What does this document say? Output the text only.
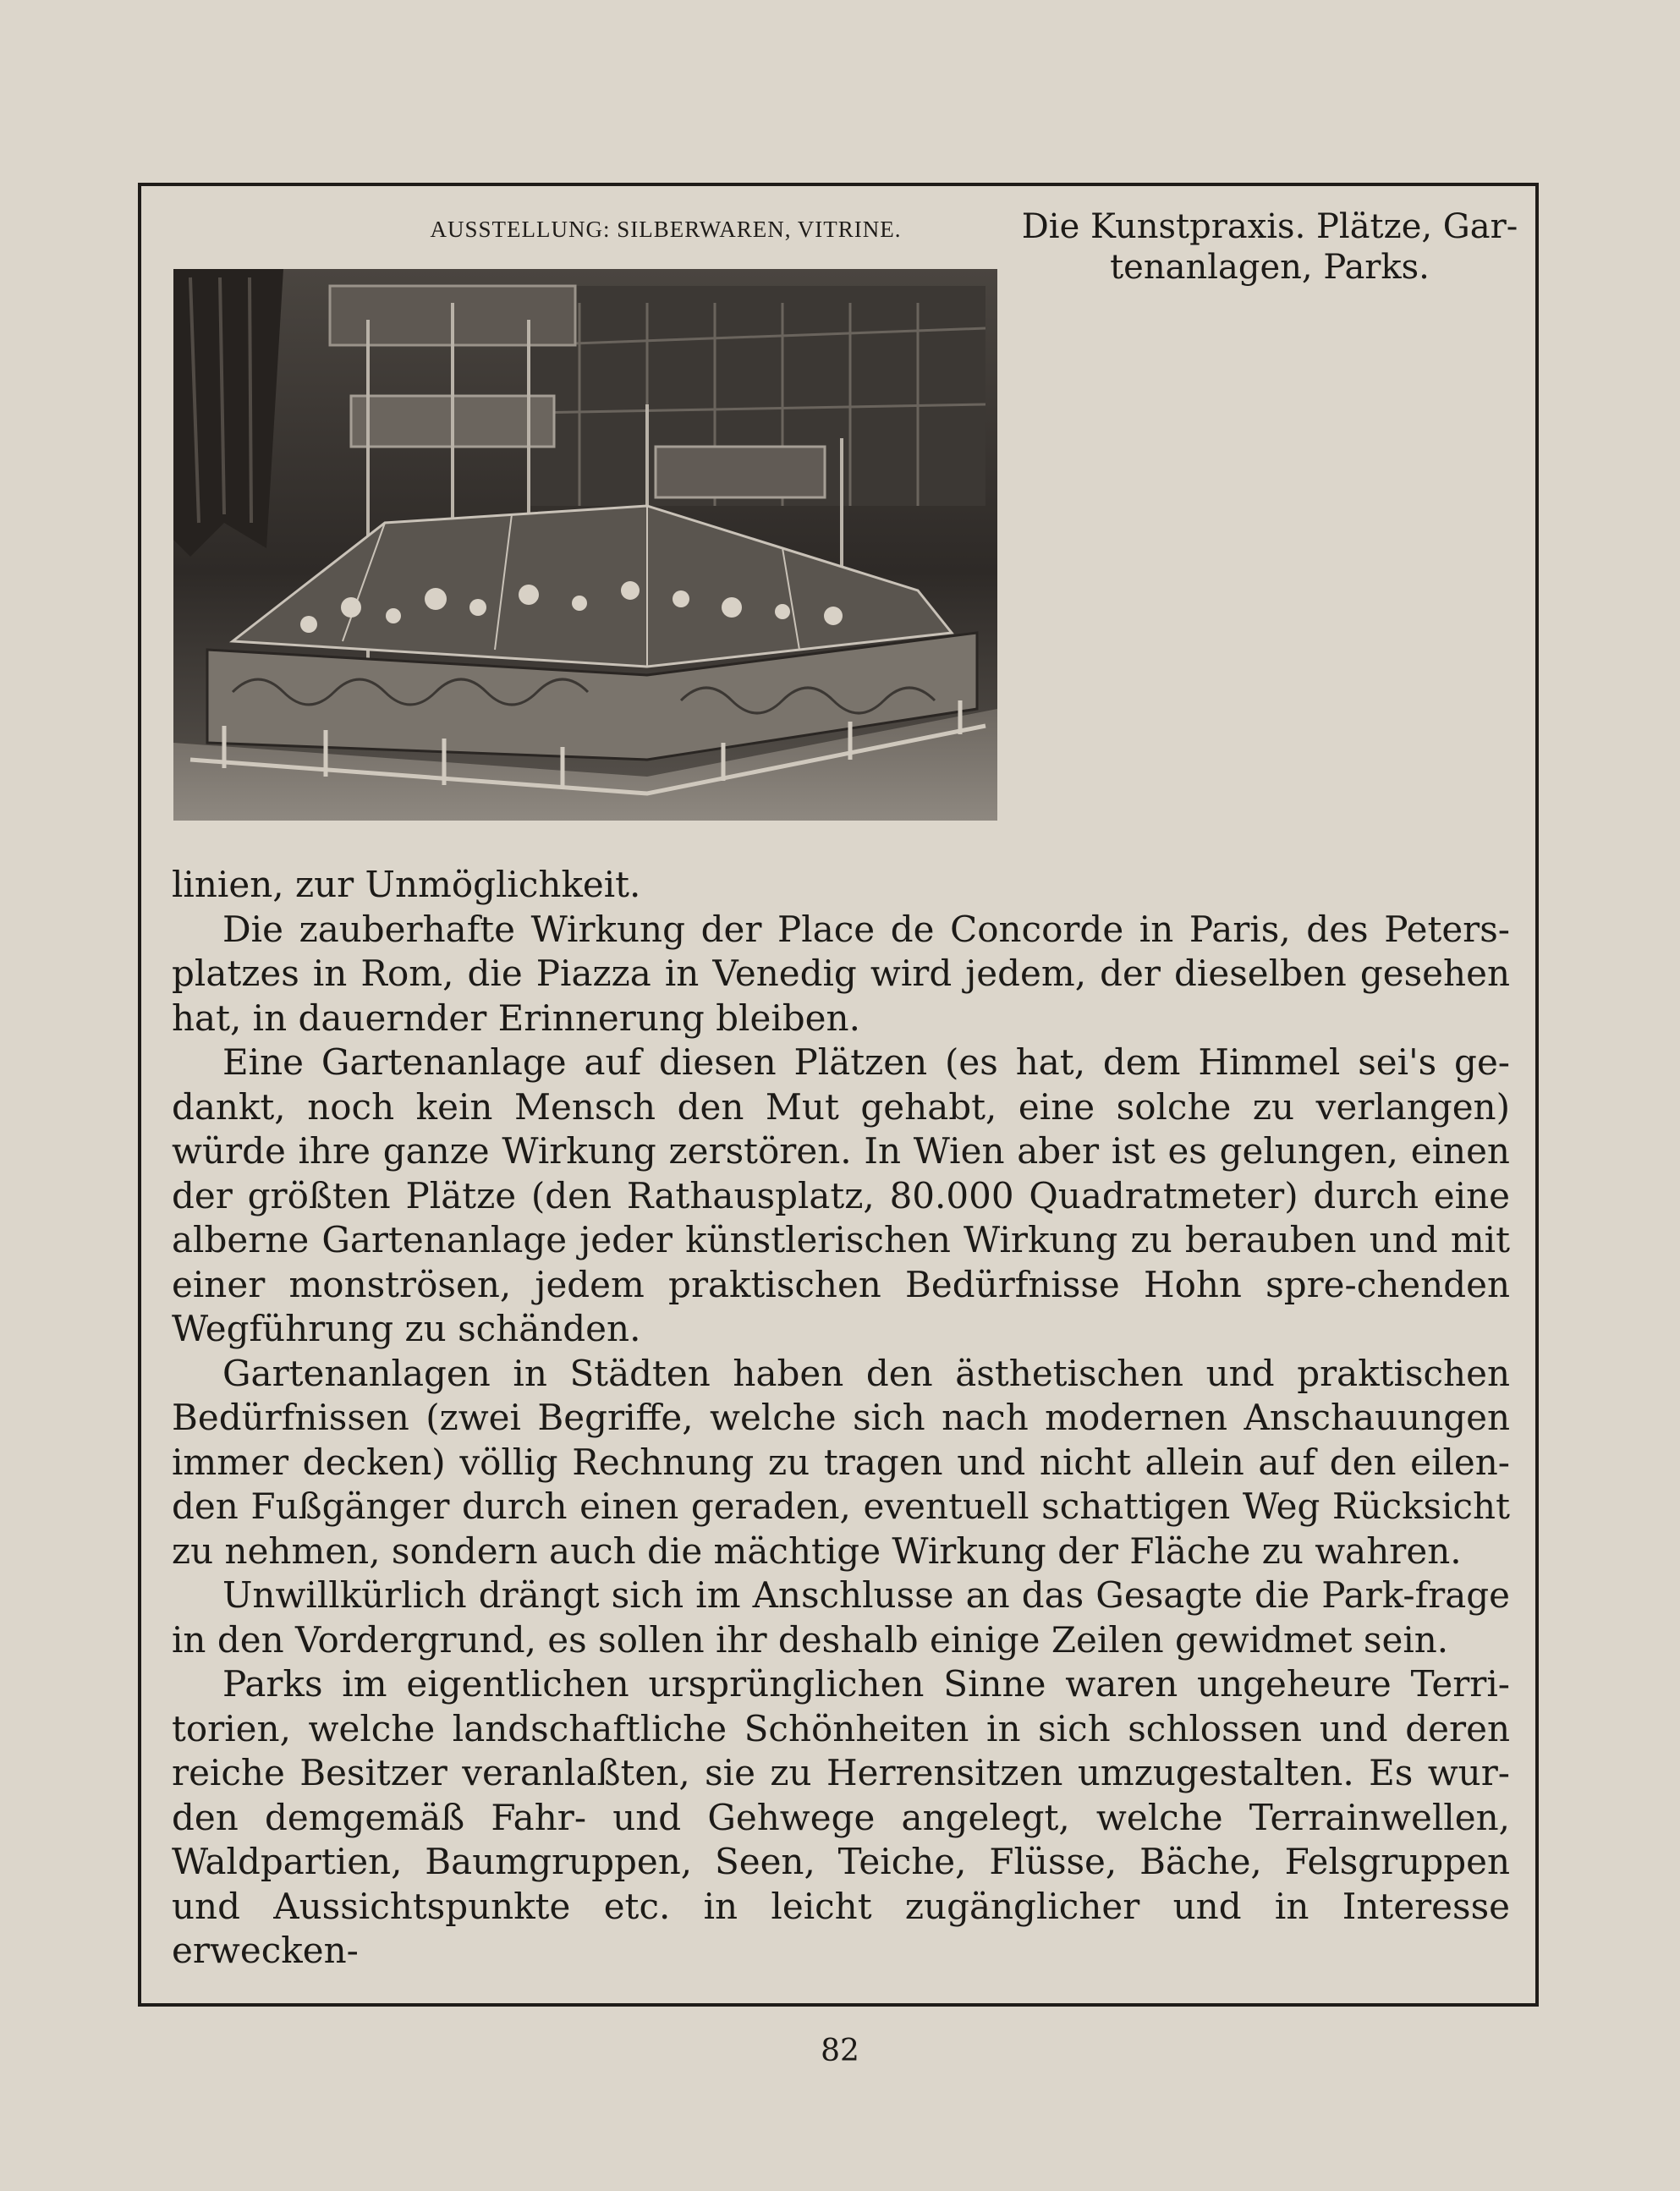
AUSSTELLUNG: SILBERWAREN, VITRINE.	Die Kunstpraxis. Plätze, Gar-
tenanlagen, Parks.

linien, zur Unmöglichkeit.

Die zauberhafte Wirkung der Place de Concorde in Paris, des Peters-platzes in Rom, die Piazza in Venedig wird jedem, der dieselben gesehen hat, in dauernder Erinnerung bleiben.

Eine Gartenanlage auf diesen Plätzen (es hat, dem Himmel sei's ge-dankt, noch kein Mensch den Mut gehabt, eine solche zu verlangen) würde ihre ganze Wirkung zerstören. In Wien aber ist es gelungen, einen der größten Plätze (den Rathausplatz, 80.000 Quadratmeter) durch eine alberne Gartenanlage jeder künstlerischen Wirkung zu berauben und mit einer monströsen, jedem praktischen Bedürfnisse Hohn spre-chenden Wegführung zu schänden.

Gartenanlagen in Städten haben den ästhetischen und praktischen Bedürfnissen (zwei Begriffe, welche sich nach modernen Anschauungen immer decken) völlig Rechnung zu tragen und nicht allein auf den eilen-den Fußgänger durch einen geraden, eventuell schattigen Weg Rücksicht zu nehmen, sondern auch die mächtige Wirkung der Fläche zu wahren.

Unwillkürlich drängt sich im Anschlusse an das Gesagte die Park-frage in den Vordergrund, es sollen ihr deshalb einige Zeilen gewidmet sein.

Parks im eigentlichen ursprünglichen Sinne waren ungeheure Terri-torien, welche landschaftliche Schönheiten in sich schlossen und deren reiche Besitzer veranlaßten, sie zu Herrensitzen umzugestalten. Es wur-den demgemäß Fahr- und Gehwege angelegt, welche Terrainwellen, Waldpartien, Baumgruppen, Seen, Teiche, Flüsse, Bäche, Felsgruppen und Aussichtspunkte etc. in leicht zugänglicher und in Interesse erwecken-

82
